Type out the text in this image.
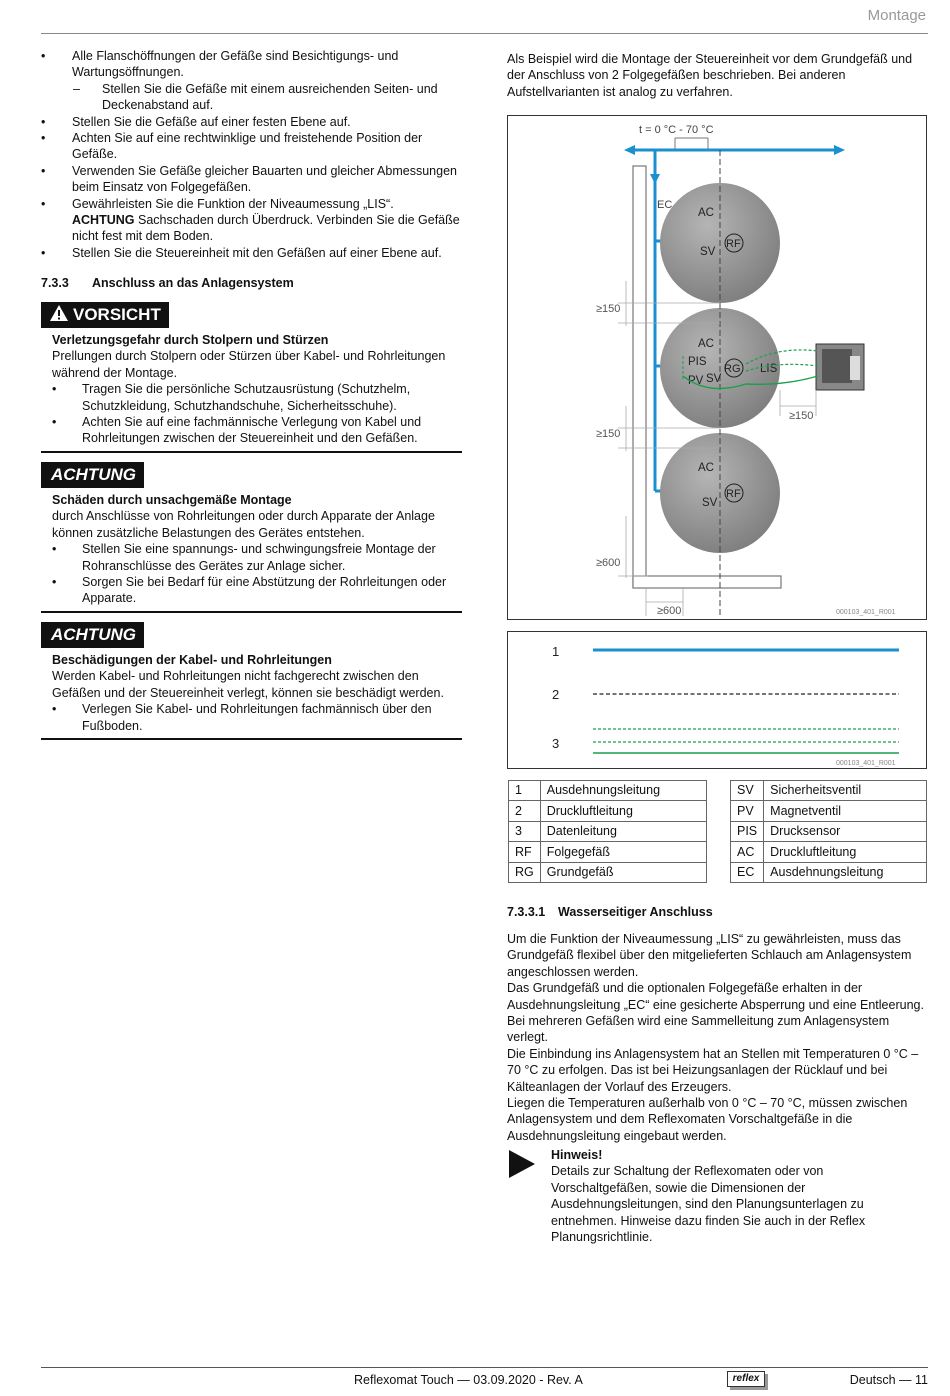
Montage
• Alle Flanschöffnungen der Gefäße sind Besichtigungs- und Wartungsöffnungen.
– Stellen Sie die Gefäße mit einem ausreichenden Seiten- und Deckenabstand auf.
• Stellen Sie die Gefäße auf einer festen Ebene auf.
• Achten Sie auf eine rechtwinklige und freistehende Position der Gefäße.
• Verwenden Sie Gefäße gleicher Bauarten und gleicher Abmessungen beim Einsatz von Folgegefäßen.
• Gewährleisten Sie die Funktion der Niveaumessung „LIS“.
ACHTUNG Sachschaden durch Überdruck. Verbinden Sie die Gefäße nicht fest mit dem Boden.
• Stellen Sie die Steuereinheit mit den Gefäßen auf einer Ebene auf.
7.3.3 Anschluss an das Anlagensystem
VORSICHT
Verletzungsgefahr durch Stolpern und Stürzen
Prellungen durch Stolpern oder Stürzen über Kabel- und Rohrleitungen während der Montage.
• Tragen Sie die persönliche Schutzausrüstung (Schutzhelm, Schutzkleidung, Schutzhandschuhe, Sicherheitsschuhe).
• Achten Sie auf eine fachmännische Verlegung von Kabel und Rohrleitungen zwischen der Steuereinheit und den Gefäßen.
ACHTUNG
Schäden durch unsachgemäße Montage
durch Anschlüsse von Rohrleitungen oder durch Apparate der Anlage können zusätzliche Belastungen des Gerätes entstehen.
• Stellen Sie eine spannungs- und schwingungsfreie Montage der Rohranschlüsse des Gerätes zur Anlage sicher.
• Sorgen Sie bei Bedarf für eine Abstützung der Rohrleitungen oder Apparate.
ACHTUNG
Beschädigungen der Kabel- und Rohrleitungen
Werden Kabel- und Rohrleitungen nicht fachgerecht zwischen den Gefäßen und der Steuereinheit verlegt, können sie beschädigt werden.
• Verlegen Sie Kabel- und Rohrleitungen fachmännisch über den Fußboden.
Als Beispiel wird die Montage der Steuereinheit vor dem Grundgefäß und der Anschluss von 2 Folgegefäßen beschrieben. Bei anderen Aufstellvarianten ist analog zu verfahren.
t = 0 °C - 70 °C
EC
AC
SV
RF
AC
PIS
PV SV
RG LIS
AC
SV
RF
≥150
≥150
≥600
≥600
≥150
000103_401_R001
1
2
3
000103_401_R001
1	Ausdehnungsleitung
2	Druckluftleitung
3	Datenleitung
RF	Folgegefäß
RG	Grundgefäß
SV	Sicherheitsventil
PV	Magnetventil
PIS	Drucksensor
AC	Druckluftleitung
EC	Ausdehnungsleitung
7.3.3.1 Wasserseitiger Anschluss

Um die Funktion der Niveaumessung „LIS“ zu gewährleisten, muss das Grundgefäß flexibel über den mitgelieferten Schlauch am Anlagensystem angeschlossen werden.

Das Grundgefäß und die optionalen Folgegefäße erhalten in der Ausdehnungsleitung „EC“ eine gesicherte Absperrung und eine Entleerung. Bei mehreren Gefäßen wird eine Sammelleitung zum Anlagensystem verlegt.

Die Einbindung ins Anlagensystem hat an Stellen mit Temperaturen 0 °C – 70 °C zu erfolgen. Das ist bei Heizungsanlagen der Rücklauf und bei Kälteanlagen der Vorlauf des Erzeugers.

Liegen die Temperaturen außerhalb von 0 °C – 70 °C, müssen zwischen Anlagensystem und dem Reflexomaten Vorschaltgefäße in die Ausdehnungsleitung eingebaut werden.

Hinweis!
Details zur Schaltung der Reflexomaten oder von Vorschaltgefäßen, sowie die Dimensionen der Ausdehnungsleitungen, sind den Planungsunterlagen zu entnehmen. Hinweise dazu finden Sie auch in der Reflex Planungsrichtlinie.
Reflexomat Touch — 03.09.2020 - Rev. A	reflex	Deutsch — 11
